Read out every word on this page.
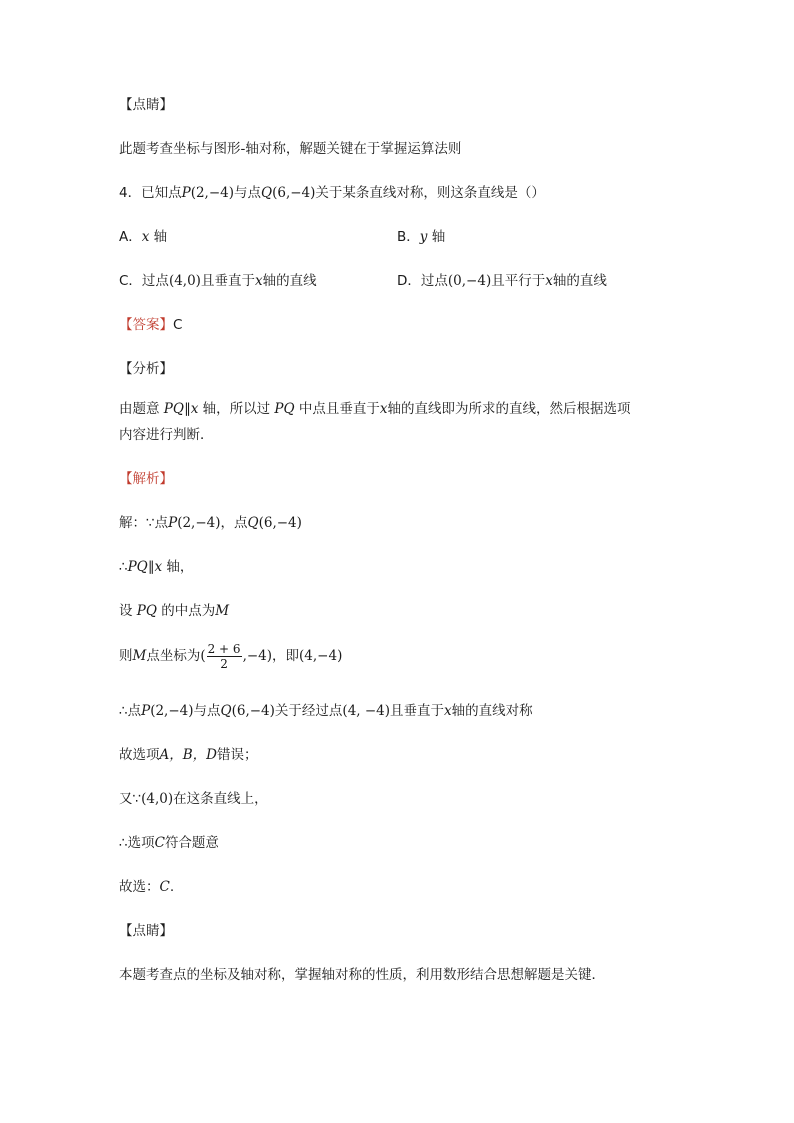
【点睛】
此题考查坐标与图形-轴对称，解题关键在于掌握运算法则
4．已知点P(2,−4)与点Q(6,−4)关于某条直线对称，则这条直线是（）
A．x 轴	B．y 轴
C．过点(4,0)且垂直于x轴的直线	D．过点(0,−4)且平行于x轴的直线
【答案】C
【分析】
由题意 PQ∥x 轴，所以过 PQ 中点且垂直于x轴的直线即为所求的直线，然后根据选项
内容进行判断．
【解析】
解：∵点P(2,−4)，点Q(6,−4)
∴PQ∥x 轴，
设 PQ 的中点为M
则M点坐标为( $\frac{2 + 6}{2} ,-4$)，即(4,−4)
∴点P(2,−4)与点Q(6,−4)关于经过点(4, −4)且垂直于x轴的直线对称
故选项A，B，D错误；
又∵(4,0)在这条直线上，
∴选项C符合题意
故选：C.
【点睛】
本题考查点的坐标及轴对称，掌握轴对称的性质，利用数形结合思想解题是关键．
